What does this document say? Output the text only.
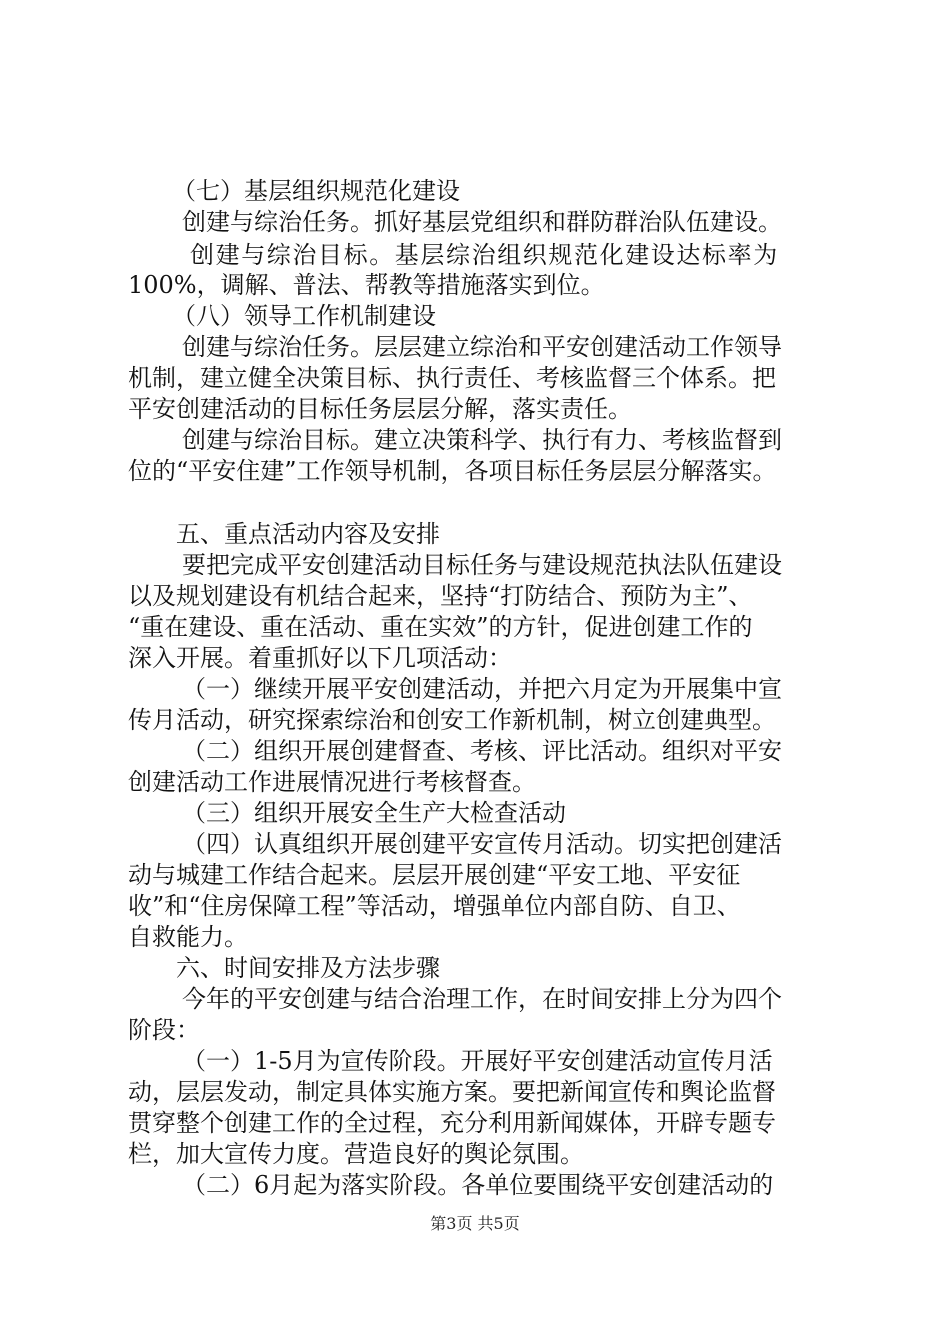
（七）基层组织规范化建设
创建与综治任务。抓好基层党组织和群防群治队伍建设。
创建与综治目标。基层综治组织规范化建设达标率为
100%，调解、普法、帮教等措施落实到位。
（八）领导工作机制建设
创建与综治任务。层层建立综治和平安创建活动工作领导
机制，建立健全决策目标、执行责任、考核监督三个体系。把
平安创建活动的目标任务层层分解，落实责任。
创建与综治目标。建立决策科学、执行有力、考核监督到
位的“平安住建”工作领导机制，各项目标任务层层分解落实。
五、重点活动内容及安排
要把完成平安创建活动目标任务与建设规范执法队伍建设
以及规划建设有机结合起来，坚持“打防结合、预防为主”、
“重在建设、重在活动、重在实效”的方针，促进创建工作的
深入开展。着重抓好以下几项活动：
（一）继续开展平安创建活动，并把六月定为开展集中宣
传月活动，研究探索综治和创安工作新机制，树立创建典型。
（二）组织开展创建督查、考核、评比活动。组织对平安
创建活动工作进展情况进行考核督查。
（三）组织开展安全生产大检查活动
（四）认真组织开展创建平安宣传月活动。切实把创建活
动与城建工作结合起来。层层开展创建“平安工地、平安征
收”和“住房保障工程”等活动，增强单位内部自防、自卫、
自救能力。
六、时间安排及方法步骤
今年的平安创建与结合治理工作，在时间安排上分为四个
阶段：
（一）1-5月为宣传阶段。开展好平安创建活动宣传月活
动，层层发动，制定具体实施方案。要把新闻宣传和舆论监督
贯穿整个创建工作的全过程，充分利用新闻媒体，开辟专题专
栏，加大宣传力度。营造良好的舆论氛围。
（二）6月起为落实阶段。各单位要围绕平安创建活动的
第3页 共5页
